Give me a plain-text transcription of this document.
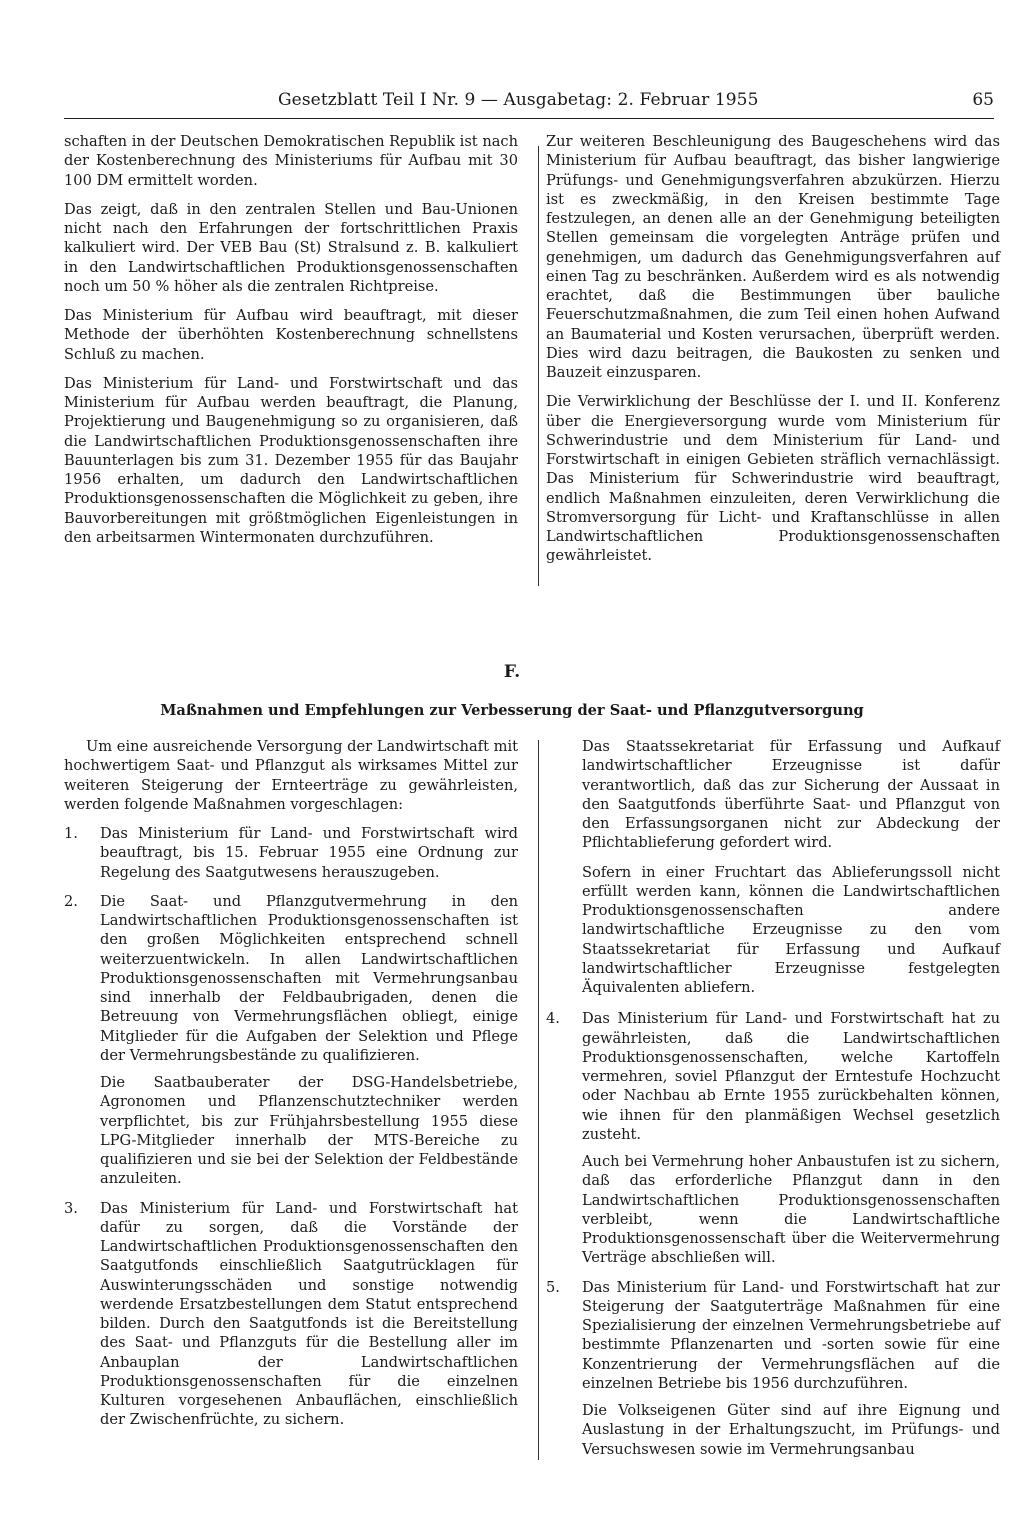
Gesetzblatt Teil I Nr. 9 — Ausgabetag: 2. Februar 1955	65

schaften in der Deutschen Demokratischen Republik ist nach der Kostenberechnung des Ministeriums für Aufbau mit 30 100 DM ermittelt worden.

Das zeigt, daß in den zentralen Stellen und Bau-Unionen nicht nach den Erfahrungen der fortschrittlichen Praxis kalkuliert wird. Der VEB Bau (St) Stralsund z. B. kalkuliert in den Landwirtschaftlichen Produktionsgenossenschaften noch um 50 % höher als die zentralen Richtpreise.

Das Ministerium für Aufbau wird beauftragt, mit dieser Methode der überhöhten Kostenberechnung schnellstens Schluß zu machen.

Das Ministerium für Land- und Forstwirtschaft und das Ministerium für Aufbau werden beauftragt, die Planung, Projektierung und Baugenehmigung so zu organisieren, daß die Landwirtschaftlichen Produktionsgenossenschaften ihre Bauunterlagen bis zum 31. Dezember 1955 für das Baujahr 1956 erhalten, um dadurch den Landwirtschaftlichen Produktionsgenossenschaften die Möglichkeit zu geben, ihre Bauvorbereitungen mit größtmöglichen Eigenleistungen in den arbeitsarmen Wintermonaten durchzuführen.

Zur weiteren Beschleunigung des Baugeschehens wird das Ministerium für Aufbau beauftragt, das bisher langwierige Prüfungs- und Genehmigungsverfahren abzukürzen. Hierzu ist es zweckmäßig, in den Kreisen bestimmte Tage festzulegen, an denen alle an der Genehmigung beteiligten Stellen gemeinsam die vorgelegten Anträge prüfen und genehmigen, um dadurch das Genehmigungsverfahren auf einen Tag zu beschränken. Außerdem wird es als notwendig erachtet, daß die Bestimmungen über bauliche Feuerschutzmaßnahmen, die zum Teil einen hohen Aufwand an Baumaterial und Kosten verursachen, überprüft werden. Dies wird dazu beitragen, die Baukosten zu senken und Bauzeit einzusparen.

Die Verwirklichung der Beschlüsse der I. und II. Konferenz über die Energieversorgung wurde vom Ministerium für Schwerindustrie und dem Ministerium für Land- und Forstwirtschaft in einigen Gebieten sträflich vernachlässigt. Das Ministerium für Schwerindustrie wird beauftragt, endlich Maßnahmen einzuleiten, deren Verwirklichung die Stromversorgung für Licht- und Kraftanschlüsse in allen Landwirtschaftlichen Produktionsgenossenschaften gewährleistet.

F.
Maßnahmen und Empfehlungen zur Verbesserung der Saat- und Pflanzgutversorgung

Um eine ausreichende Versorgung der Landwirtschaft mit hochwertigem Saat- und Pflanzgut als wirksames Mittel zur weiteren Steigerung der Ernteerträge zu gewährleisten, werden folgende Maßnahmen vorgeschlagen:

1. Das Ministerium für Land- und Forstwirtschaft wird beauftragt, bis 15. Februar 1955 eine Ordnung zur Regelung des Saatgutwesens herauszugeben.
2. Die Saat- und Pflanzgutvermehrung in den Landwirtschaftlichen Produktionsgenossenschaften ist den großen Möglichkeiten entsprechend schnell weiterzuentwickeln. In allen Landwirtschaftlichen Produktionsgenossenschaften mit Vermehrungsanbau sind innerhalb der Feldbaubrigaden, denen die Betreuung von Vermehrungsflächen obliegt, einige Mitglieder für die Aufgaben der Selektion und Pflege der Vermehrungsbestände zu qualifizieren.
Die Saatbauberater der DSG-Handelsbetriebe, Agronomen und Pflanzenschutztechniker werden verpflichtet, bis zur Frühjahrsbestellung 1955 diese LPG-Mitglieder innerhalb der MTS-Bereiche zu qualifizieren und sie bei der Selektion der Feldbestände anzuleiten.
3. Das Ministerium für Land- und Forstwirtschaft hat dafür zu sorgen, daß die Vorstände der Landwirtschaftlichen Produktionsgenossenschaften den Saatgutfonds einschließlich Saatgutrücklagen für Auswinterungsschäden und sonstige notwendig werdende Ersatzbestellungen dem Statut entsprechend bilden. Durch den Saatgutfonds ist die Bereitstellung des Saat- und Pflanzguts für die Bestellung aller im Anbauplan der Landwirtschaftlichen Produktionsgenossenschaften für die einzelnen Kulturen vorgesehenen Anbauflächen, einschließlich der Zwischenfrüchte, zu sichern.

Das Staatssekretariat für Erfassung und Aufkauf landwirtschaftlicher Erzeugnisse ist dafür verantwortlich, daß das zur Sicherung der Aussaat in den Saatgutfonds überführte Saat- und Pflanzgut von den Erfassungsorganen nicht zur Abdeckung der Pflichtablieferung gefordert wird.

Sofern in einer Fruchtart das Ablieferungssoll nicht erfüllt werden kann, können die Landwirtschaftlichen Produktionsgenossenschaften andere landwirtschaftliche Erzeugnisse zu den vom Staatssekretariat für Erfassung und Aufkauf landwirtschaftlicher Erzeugnisse festgelegten Äquivalenten abliefern.

4. Das Ministerium für Land- und Forstwirtschaft hat zu gewährleisten, daß die Landwirtschaftlichen Produktionsgenossenschaften, welche Kartoffeln vermehren, soviel Pflanzgut der Erntestufe Hochzucht oder Nachbau ab Ernte 1955 zurückbehalten können, wie ihnen für den planmäßigen Wechsel gesetzlich zusteht.
Auch bei Vermehrung hoher Anbaustufen ist zu sichern, daß das erforderliche Pflanzgut dann in den Landwirtschaftlichen Produktionsgenossenschaften verbleibt, wenn die Landwirtschaftliche Produktionsgenossenschaft über die Weitervermehrung Verträge abschließen will.
5. Das Ministerium für Land- und Forstwirtschaft hat zur Steigerung der Saatguterträge Maßnahmen für eine Spezialisierung der einzelnen Vermehrungsbetriebe auf bestimmte Pflanzenarten und -sorten sowie für eine Konzentrierung der Vermehrungsflächen auf die einzelnen Betriebe bis 1956 durchzuführen.
Die Volkseigenen Güter sind auf ihre Eignung und Auslastung in der Erhaltungszucht, im Prüfungs- und Versuchswesen sowie im Vermehrungsanbau
